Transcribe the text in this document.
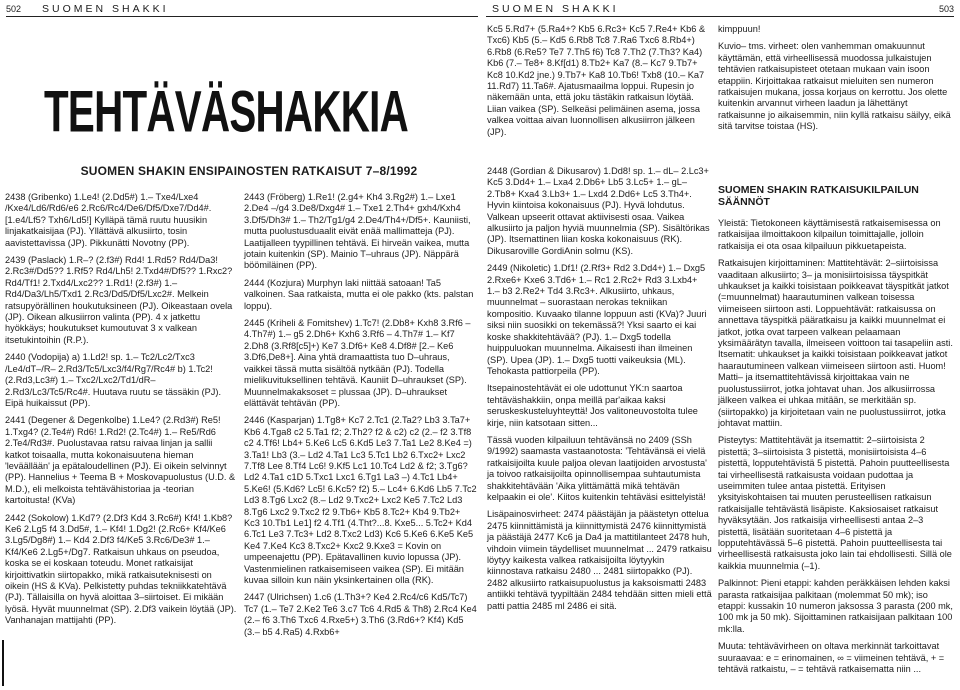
502 SUOMEN SHAKKI	SUOMEN SHAKKI	503
TEHTÄVÄSHAKKIA
SUOMEN SHAKIN ENSIPAINOSTEN RATKAISUT 7–8/1992

2438 (Gribenko) 1.Le4! (2.Dd5#) 1.– Txe4/Lxe4 /Kxe4/Ld6/Rd6/e6 2.Rc6/Rc4/De6/Df5/Dxe7/Dd4#. [1.e4/Lf5? Txh6/Ld5!] Kylläpä tämä ruutu huusikin linjakatkaisijaa (PJ). Yllättävä alkusiirto, tosin aavistettavissa (JP). Pikkunätti Novotny (PP).

2439 (Paslack) 1.R–? (2.f3#) Rd4! 1.Rd5? Rd4/Da3! 2.Rc3#/Dd5?? 1.Rf5? Rd4/Lh5! 2.Txd4#/Df5?? 1.Rxc2? Rd4/Tf1! 2.Txd4/Lxc2?? 1.Rd1! (2.f3#) 1.– Rd4/Da3/Lh5/Txd1 2.Rc3/Dd5/Df5/Lxc2#. Melkein ratsupyörällinen houkutuksineen (PJ). Oikeastaan ovela (JP). Oikean alkusiirron valinta (PP). 4 x jatkettu hyökkäys; houkutukset kumoutuvat 3 x valkean itsetukintoihin (R.P.).

2440 (Vodopija) a) 1.Ld2! sp. 1.– Tc2/Lc2/Txc3 /Le4/dT–/R– 2.Rd3/Tc5/Lxc3/f4/Rg7/Rc4# b) 1.Tc2! (2.Rd3,Lc3#) 1.– Txc2/Lxc2/Td1/dR– 2.Rd3/Lc3/Tc5/Rc4#. Huutava ruutu se tässäkin (PJ). Eipä huikaissut (PP).

2441 (Degener & Degenkolbe) 1.Le4? (2.Rd3#) Re5! 1.Txg4? (2.Te4#) Rd6! 1.Rd2! (2.Tc4#) 1.– Re5/Rd6 2.Te4/Rd3#. Puolustavaa ratsu raivaa linjan ja sallii katkot toisaalla, mutta kokonaisuutena hieman 'leväällään' ja epätaloudellinen (PJ). Ei oikein selvinnyt (PP). Hannelius + Teema B + Moskovapuolustus (U.D. & M.D.), eli melkoista tehtävähistoriaa ja -teorian kartoitusta! (KVa)

2442 (Sokolow) 1.Kd7? (2.Df3 Kd4 3.Rc6#) Kf4! 1.Kb8? Ke6 2.Lg5 f4 3.Dd5#, 1.– Kf4! 1.Dg2! (2.Rc6+ Kf4/Ke6 3.Lg5/Dg8#) 1.– Kd4 2.Df3 f4/Ke5 3.Rc6/De3# 1.– Kf4/Ke6 2.Lg5+/Dg7. Ratkaisun uhkaus on pseudoa, koska se ei koskaan toteudu. Monet ratkaisijat kirjoittivatkin siirtopakko, mikä ratkaisuteknisesti on oikein (HS & KVa). Pelkistetty puhdas tekniikkatehtävä (PJ). Tällaisilla on hyvä aloittaa 3–siirtoiset. Ei mikään lyösä. Hyvät muunnelmat (SP). 2.Df3 vaikein löytää (JP). Vanhanajan mattijahti (PP).

2443 (Fröberg) 1.Re1! (2.g4+ Kh4 3.Rg2#) 1.– Lxe1 2.De4 –/g4 3.De8/Dxg4# 1.– Txe1 2.Th4+ gxh4/Kxh4 3.Df5/Dh3# 1.– Th2/Tg1/g4 2.De4/Th4+/Df5+. Kauniisti, mutta puolustusduaalit eivät enää mallimatteja (PJ). Laatijalleen tyypillinen tehtävä. Ei hirveän vaikea, mutta jotain kuitenkin (SP). Mainio T–uhraus (JP). Näppärä böömiläinen (PP).

2444 (Kozjura) Murphyn laki niittää satoaan! Ta5 valkoinen. Saa ratkaista, mutta ei ole pakko (kts. palstan loppu).

2445 (Kriheli & Fomitshev) 1.Tc7! (2.Db8+ Kxh8 3.Rf6 – 4.Th7#) 1.– g5 2.Dh6+ Kxh6 3.Rf6 – 4.Th7# 1.– Kf7 2.Dh8 (3.Rf8[c5]+) Ke7 3.Df6+ Ke8 4.Df8# [2.– Ke6 3.Df6,De8+]. Aina yhtä dramaattista tuo D–uhraus, vaikkei tässä mutta sisältöä nytkään (PJ). Todella mielikuvituksellinen tehtävä. Kauniit D–uhraukset (SP). Muunnelmakaksoset = plussaa (JP). D–uhraukset elättävät tehtävän (PP).

2446 (Kasparjan) 1.Tg8+ Kc7 2.Tc1 (2.Ta2? Lb3 3.Ta7+ Kb6 4.Tga8 c2 5.Ta1 f2; 2.Th2? f2 & c2) c2 (2.– f2 3.Tf8 c2 4.Tf6! Lb4+ 5.Ke6 Lc5 6.Kd5 Le3 7.Ta1 Le2 8.Ke4 =) 3.Ta1! Lb3 (3.– Ld2 4.Ta1 Lc3 5.Tc1 Lb2 6.Txc2+ Lxc2 7.Tf8 Lee 8.Tf4 Lc6! 9.Kf5 Lc1 10.Tc4 Ld2 & f2; 3.Tg6? Ld2 4.Ta1 c1D 5.Txc1 Lxc1 6.Tg1 La3 –) 4.Tc1 Lb4+ 5.Ke6! (5.Kd6? Lc5! 6.Kc5? f2) 5.– Lc4+ 6.Kd6 Lb5 7.Tc2 Ld3 8.Tg6 Lxc2 (8.– Ld2 9.Txc2+ Lxc2 Ke5 7.Tc2 Ld3 8.Tg6 Lxc2 9.Txc2 f2 9.Tb6+ Kb5 8.Tc2+ Kb4 9.Tb2+ Kc3 10.Tb1 Le1] f2 4.Tf1 (4.Tht?...8. Kxe5... 5.Tc2+ Kd4 6.Tc1 Le3 7.Tc3+ Ld2 8.Txc2 Ld3) Kc6 5.Ke6 6.Ke5 Ke5 Ke4 7.Ke4 Kc3 8.Txc2+ Kxc2 9.Kxe3 = Kovin on umpeenajettu (PP). Epätavallinen kuvio lopussa (JP). Vastenmielinen ratkaisemiseen vaikea (SP). Ei mitään kuvaa silloin kun näin yksinkertainen olla (RK).

2447 (Ulrichsen) 1.c6 (1.Th3+? Ke4 2.Rc4/c6 Kd5/Tc7) Tc7 (1.– Te7 2.Ke2 Te6 3.c7 Tc6 4.Rd5 & Th8) 2.Rc4 Ke4 (2.– f6 3.Th6 Txc6 4.Rxe5+) 3.Th6 (3.Rd6+? Kf4) Kd5 (3.– b5 4.Ra5) 4.Rxb6+

Kc5 5.Rd7+ (5.Ra4+? Kb5 6.Rc3+ Kc5 7.Re4+ Kb6 & Txc6) Kb5 (5.– Kd5 6.Rb8 Tc8 7.Ra6 Txc6 8.Rb4+) 6.Rb8 (6.Re5? Te7 7.Th5 f6) Tc8 7.Th2 (7.Th3? Ka4) Kb6 (7.– Te8+ 8.Kf[d1) 8.Tb2+ Ka7 (8.– Kc7 9.Tb7+ Kc8 10.Kd2 jne.) 9.Tb7+ Ka8 10.Tb6! Txb8 (10.– Ka7 11.Rd7) 11.Ta6#. Ajatusmaailma loppui. Rupesin jo näkemään unta, että joku tästäkin ratkaisun löytää. Liian vaikea (SP). Selkeäsi pelimäinen asema, jossa valkea voittaa aivan luonnollisen alkusiirron jälkeen (JP).

2448 (Gordian & Dikusarov) 1.Dd8! sp. 1.– dL– 2.Lc3+ Kc5 3.Dd4+ 1.– Lxa4 2.Db6+ Lb5 3.Lc5+ 1.– gL– 2.Tb8+ Kxa4 3.Lb3+ 1.– Lxd4 2.Dd6+ Lc5 3.Th4+. Hyvin kiintoisa kokonaisuus (PJ). Hyvä lohdutus. Valkean upseerit ottavat aktiivisesti osaa. Vaikea alkusiirto ja paljon hyviä muunnelmia (SP). Sisältörikas (JP). Itsemattinen liian koska kokonaisuus (RK). Dikusaroville GordiAnin solmu (KS).

2449 (Nikoletic) 1.Df1! (2.Rf3+ Rd2 3.Dd4+) 1.– Dxg5 2.Rxe6+ Kxe6 3.Td6+ 1.– Rc1 2.Rc2+ Rd3 3.Lxb4+ 1.– b3 2.Re2+ Td4 3.Rc3+. Alkusiirto, uhkaus, muunnelmat – suorastaan nerokas tekniikan kompositio. Kuvaako tilanne loppuun asti (KVa)? Juuri siksi niin suosikki on tekemässä?! Yksi saarto ei kai koske shakkitehtävää? (PJ). 1.– Dxg5 todella huippuluokan muunnelma. Aikaisesti ihan ilmeinen (SP). Upea (JP). 1.– Dxg5 tuotti vaikeuksia (ML). Tehokasta pattiorpeila (PP).

Itsepainostehtävät ei ole udottunut YK:n saartoa tehtäväshakkiin, onpa meillä par'aikaa kaksi seruskeskusteluyhteyttä! Jos valitoneuvostolta tulee kirje, niin katsotaan sitten...

Tässä vuoden kilpailuun tehtävänsä no 2409 (SSh 9/1992) saamasta vastaanotosta: 'Tehtävänsä ei vielä ratkaisijoilta kuule paljoa olevan laatijoiden arvostusta' ja toivoo ratkaisijoilta opinnollisempaa suhtautumista shakkitehtävään 'Aika ylittämättä mikä tehtävän kelpaakin ei ole'. Kiitos kuitenkin tehtäväsi esittelyistä!

Lisäpainosvirheet: 2474 päästäjän ja päästetyn ottelua 2475 kiinnittämistä ja kiinnittymistä 2476 kiinnittymistä ja päästäjä 2477 Kc6 ja Da4 ja mattitilanteet 2478 huh, vihdoin viimein täydelliset muunnelmat ... 2479 ratkaisu löytyy kaikesta valkea ratkaisijoilta löytyykin kiinnostava ratkaisu 2480 ... 2481 siirtopakko (PJ). 2482 alkusiirto ratkaisupuolustus ja kaksoismatti 2483 antiikki tehtävä tyypiltään 2484 tehdään sitten mieli että patti pattia 2485 ml 2486 ei sitä.

kimppuun!

Kuvio– tms. virheet: olen vanhemman omakuunnut käyttämän, että virheellisessä muodossa julkaistujen tehtävien ratkaisupisteet otetaan mukaan vain isoon etappiin. Kirjoittakaa ratkaisut mieluiten sen numeron ratkaisujen mukana, jossa korjaus on kerrottu. Jos olette kuitenkin arvannut virheen laadun ja lähettänyt ratkaisunne jo aikaisemmin, niin kyllä ratkaisu säilyy, eikä sitä tarvitse toistaa (HS).

SUOMEN SHAKIN RATKAISUKILPAILUN SÄÄNNÖT

Yleistä: Tietokoneen käyttämisestä ratkaisemisessa on ratkaisijaa ilmoittakoon kilpailun toimittajalle, jolloin ratkaisija ei ota osaa kilpailuun pikkuetapeista.

Ratkaisujen kirjoittaminen: Mattitehtävät: 2–siirtoisissa vaaditaan alkusiirto; 3– ja monisiirtoisissa täyspitkät uhkaukset ja kaikki toisistaan poikkeavat täyspitkät jatkot (=muunnelmat) haarautuminen valkean toisessa viimeiseen siirtoon asti. Loppuehtävät: ratkaisussa on annettava täyspitkä pääratkaisu ja kaikki muunnelmat ei jatkot, jotka ovat tarpeen valkean pelaamaan yksimäärätyn tavalla, ilmeiseen voittoon tai tasapeliin asti. Itsematit: uhkaukset ja kaikki toisistaan poikkeavat jatkot haarautumineen valkean viimeiseen siirtoon asti. Huom! Matti– ja itsemattitehtävissä kirjoittakaa vain ne puolustussiirrot, jotka johtavat uhan. Jos alkusiirrossa jälkeen valkea ei uhkaa mitään, se merkitään sp. (siirtopakko) ja kirjoitetaan vain ne puolustussiirrot, jotka johtavat mattiin.

Pisteytys: Mattitehtävät ja itsemattit: 2–siirtoisista 2 pistettä; 3–siirtoisista 3 pistettä, monisiirtoisista 4–6 pistettä, lopputehtävistä 5 pistettä. Pahoin puutteellisesta tai virheellisestä ratkaisusta voidaan pudottaa ja useimmiten tulee antaa pistettä. Erityisen yksityiskohtaisen tai muuten perusteellisen ratkaisun ratkaisijalle tehtävästä lisäpiste. Kaksiosaiset ratkaisut hyväksytään. Jos ratkaisija virheellisesti antaa 2–3 pistettä, lisätään suoritetaan 4–6 pistettä ja lopputehtävässä 5–6 pistettä. Pahoin puutteellisesta tai virheellisestä ratkaisusta joko lain tai ehdollisesti. Sillä ole kaikkia muunnelmia (–1).

Palkinnot: Pieni etappi: kahden peräkkäisen lehden kaksi parasta ratkaisijaa palkitaan (molemmat 50 mk); iso etappi: kussakin 10 numeron jaksossa 3 parasta (200 mk, 100 mk ja 50 mk). Sijoittaminen ratkaisijaan palkitaan 100 mk:lla.

Muuta: tehtävävirheen on oltava merkinnät tarkoittavat suuraavaa: e = erinomainen, ∞ = viimeinen tehtävä, + = tehtävä ratkaistu, – = tehtävä ratkaisematta niin ...
